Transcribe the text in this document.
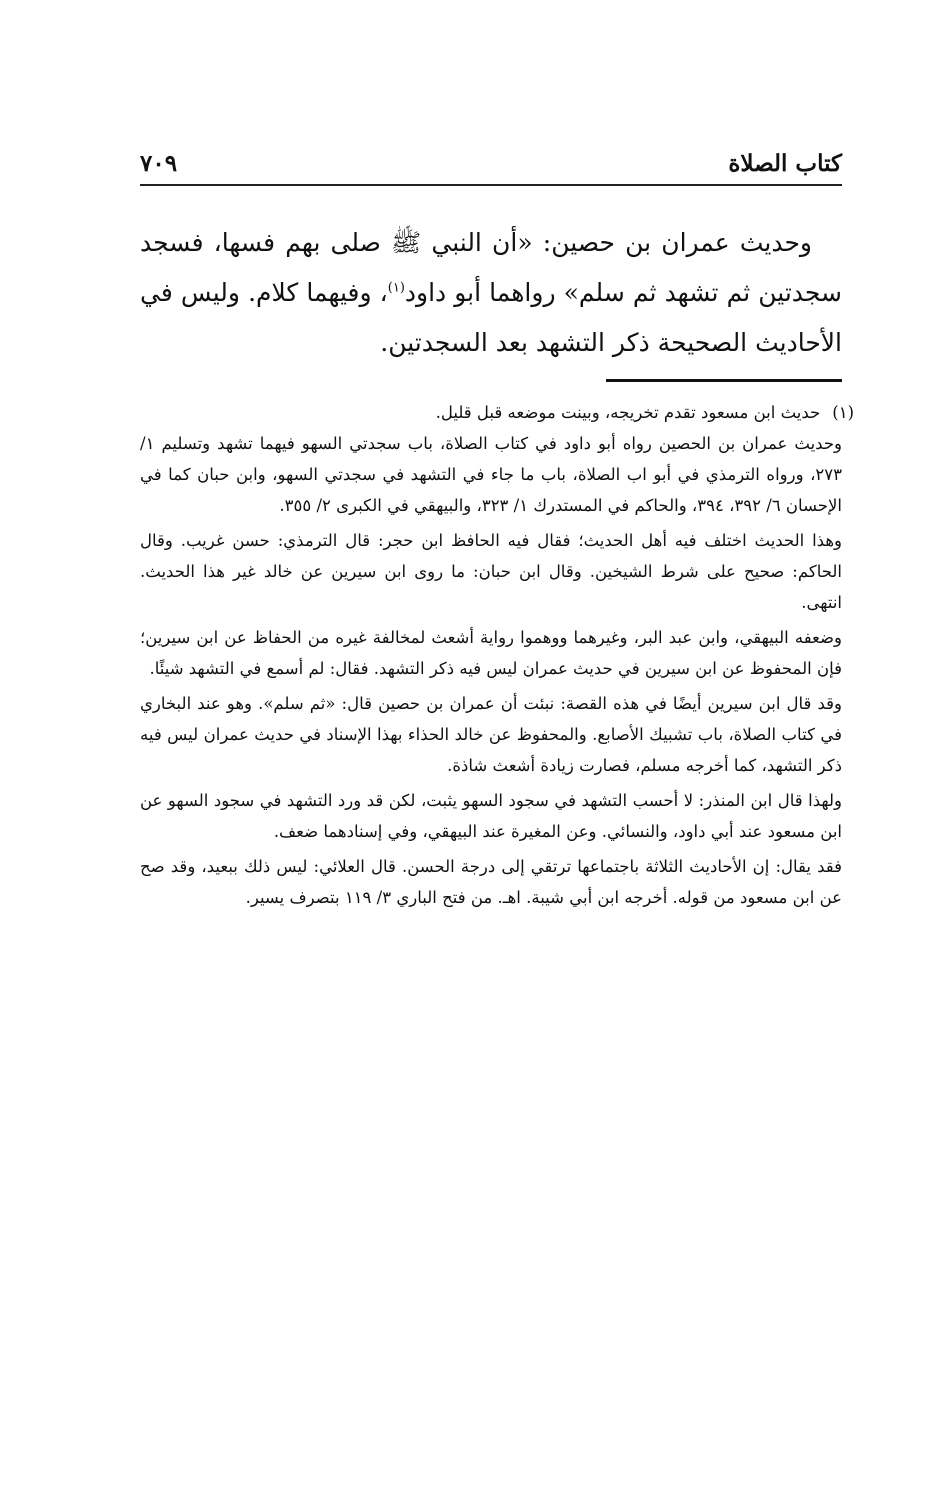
كتاب الصلاة
٧٠٩
وحديث عمران بن حصين: «أن النبي ﷺ صلى بهم فسها، فسجد سجدتين ثم تشهد ثم سلم» رواهما أبو داود$^{(١)}$، وفيهما كلام. وليس في الأحاديث الصحيحة ذكر التشهد بعد السجدتين.
(١)حديث ابن مسعود تقدم تخريجه، وبينت موضعه قبل قليل.

وحديث عمران بن الحصين رواه أبو داود في كتاب الصلاة، باب سجدتي السهو فيهما تشهد وتسليم ١/ ٢٧٣، ورواه الترمذي في أبو اب الصلاة، باب ما جاء في التشهد في سجدتي السهو، وابن حبان كما في الإحسان ٦/ ٣٩٢، ٣٩٤، والحاكم في المستدرك ١/ ٣٢٣، والبيهقي في الكبرى ٢/ ٣٥٥.

وهذا الحديث اختلف فيه أهل الحديث؛ فقال فيه الحافظ ابن حجر: قال الترمذي: حسن غريب. وقال الحاكم: صحيح على شرط الشيخين. وقال ابن حبان: ما روى ابن سيرين عن خالد غير هذا الحديث. انتهى.

وضعفه البيهقي، وابن عبد البر، وغيرهما ووهموا رواية أشعث لمخالفة غيره من الحفاظ عن ابن سيرين؛ فإن المحفوظ عن ابن سيرين في حديث عمران ليس فيه ذكر التشهد. فقال: لم أسمع في التشهد شيئًا.

وقد قال ابن سيرين أيضًا في هذه القصة: نبئت أن عمران بن حصين قال: «ثم سلم». وهو عند البخاري في كتاب الصلاة، باب تشبيك الأصابع. والمحفوظ عن خالد الحذاء بهذا الإسناد في حديث عمران ليس فيه ذكر التشهد، كما أخرجه مسلم، فصارت زيادة أشعث شاذة.

ولهذا قال ابن المنذر: لا أحسب التشهد في سجود السهو يثبت، لكن قد ورد التشهد في سجود السهو عن ابن مسعود عند أبي داود، والنسائي. وعن المغيرة عند البيهقي، وفي إسنادهما ضعف.

فقد يقال: إن الأحاديث الثلاثة باجتماعها ترتقي إلى درجة الحسن. قال العلائي: ليس ذلك ببعيد، وقد صح عن ابن مسعود من قوله. أخرجه ابن أبي شيبة. اهـ. من فتح الباري ٣/ ١١٩ بتصرف يسير.
